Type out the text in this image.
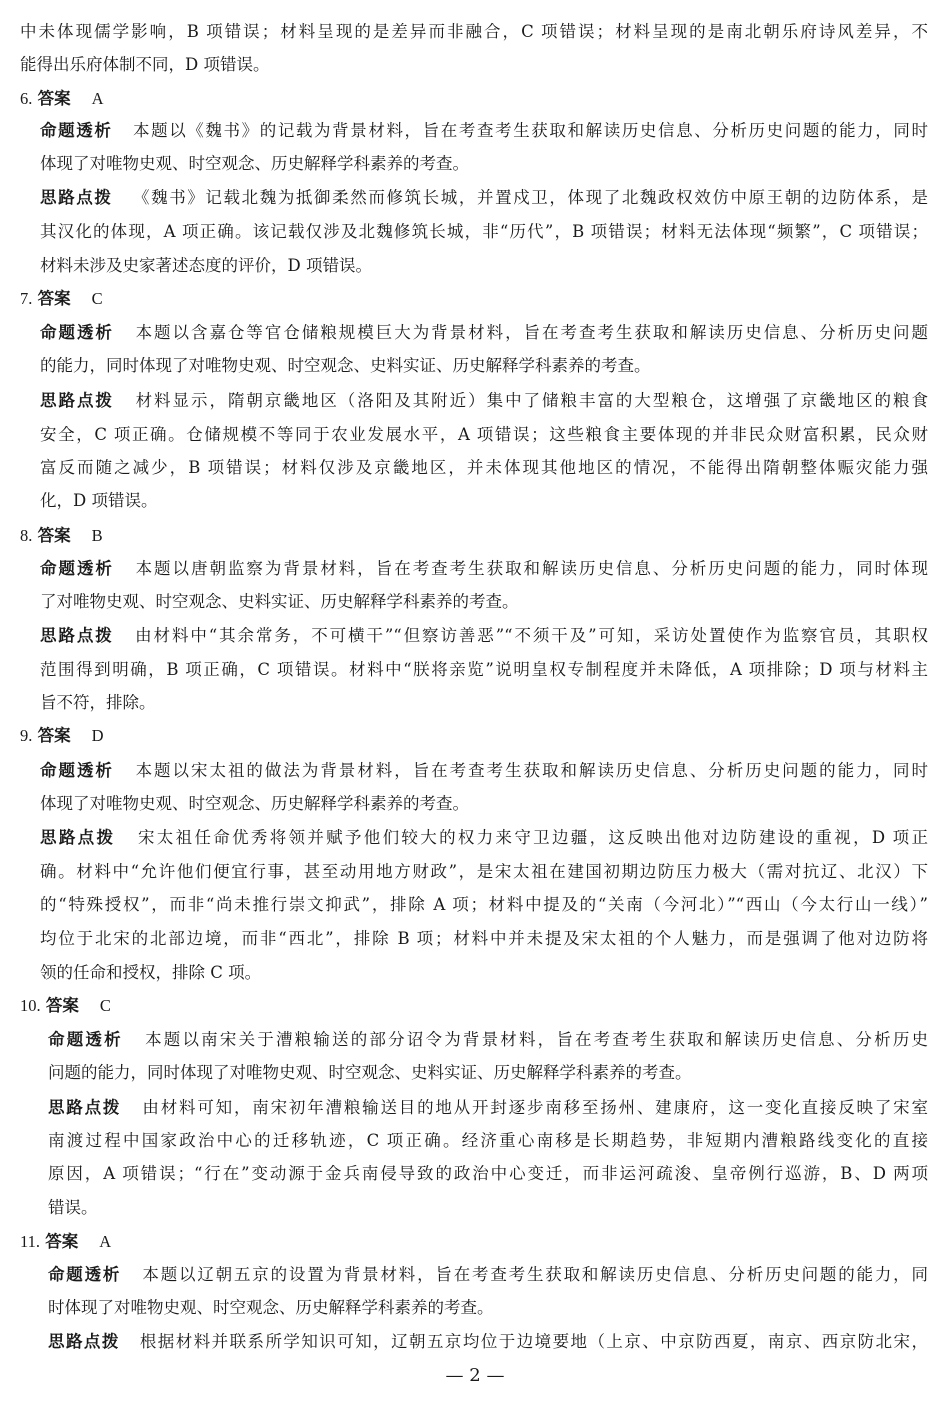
中未体现儒学影响，B 项错误；材料呈现的是差异而非融合，C 项错误；材料呈现的是南北朝乐府诗风差异，不
能得出乐府体制不同，D 项错误。
6. 答案 A
命题透析 本题以《魏书》的记载为背景材料，旨在考查考生获取和解读历史信息、分析历史问题的能力，同时
体现了对唯物史观、时空观念、历史解释学科素养的考查。
思路点拨 《魏书》记载北魏为抵御柔然而修筑长城，并置戍卫，体现了北魏政权效仿中原王朝的边防体系，是
其汉化的体现，A 项正确。该记载仅涉及北魏修筑长城，非“历代”，B 项错误；材料无法体现“频繁”，C 项错误；
材料未涉及史家著述态度的评价，D 项错误。
7. 答案 C
命题透析 本题以含嘉仓等官仓储粮规模巨大为背景材料，旨在考查考生获取和解读历史信息、分析历史问题
的能力，同时体现了对唯物史观、时空观念、史料实证、历史解释学科素养的考查。
思路点拨 材料显示，隋朝京畿地区（洛阳及其附近）集中了储粮丰富的大型粮仓，这增强了京畿地区的粮食
安全，C 项正确。仓储规模不等同于农业发展水平，A 项错误；这些粮食主要体现的并非民众财富积累，民众财
富反而随之减少，B 项错误；材料仅涉及京畿地区，并未体现其他地区的情况，不能得出隋朝整体赈灾能力强
化，D 项错误。
8. 答案 B
命题透析 本题以唐朝监察为背景材料，旨在考查考生获取和解读历史信息、分析历史问题的能力，同时体现
了对唯物史观、时空观念、史料实证、历史解释学科素养的考查。
思路点拨 由材料中“其余常务，不可横干”“但察访善恶”“不须干及”可知，采访处置使作为监察官员，其职权
范围得到明确，B 项正确，C 项错误。材料中“朕将亲览”说明皇权专制程度并未降低，A 项排除；D 项与材料主
旨不符，排除。
9. 答案 D
命题透析 本题以宋太祖的做法为背景材料，旨在考查考生获取和解读历史信息、分析历史问题的能力，同时
体现了对唯物史观、时空观念、历史解释学科素养的考查。
思路点拨 宋太祖任命优秀将领并赋予他们较大的权力来守卫边疆，这反映出他对边防建设的重视，D 项正
确。材料中“允许他们便宜行事，甚至动用地方财政”，是宋太祖在建国初期边防压力极大（需对抗辽、北汉）下
的“特殊授权”，而非“尚未推行崇文抑武”，排除 A 项；材料中提及的“关南（今河北）”“西山（今太行山一线）”
均位于北宋的北部边境，而非“西北”，排除 B 项；材料中并未提及宋太祖的个人魅力，而是强调了他对边防将
领的任命和授权，排除 C 项。
10. 答案 C
命题透析 本题以南宋关于漕粮输送的部分诏令为背景材料，旨在考查考生获取和解读历史信息、分析历史
问题的能力，同时体现了对唯物史观、时空观念、史料实证、历史解释学科素养的考查。
思路点拨 由材料可知，南宋初年漕粮输送目的地从开封逐步南移至扬州、建康府，这一变化直接反映了宋室
南渡过程中国家政治中心的迁移轨迹，C 项正确。经济重心南移是长期趋势，非短期内漕粮路线变化的直接
原因，A 项错误；“行在”变动源于金兵南侵导致的政治中心变迁，而非运河疏浚、皇帝例行巡游，B、D 两项
错误。
11. 答案 A
命题透析 本题以辽朝五京的设置为背景材料，旨在考查考生获取和解读历史信息、分析历史问题的能力，同
时体现了对唯物史观、时空观念、历史解释学科素养的考查。
思路点拨 根据材料并联系所学知识可知，辽朝五京均位于边境要地（上京、中京防西夏，南京、西京防北宋，
— 2 —
